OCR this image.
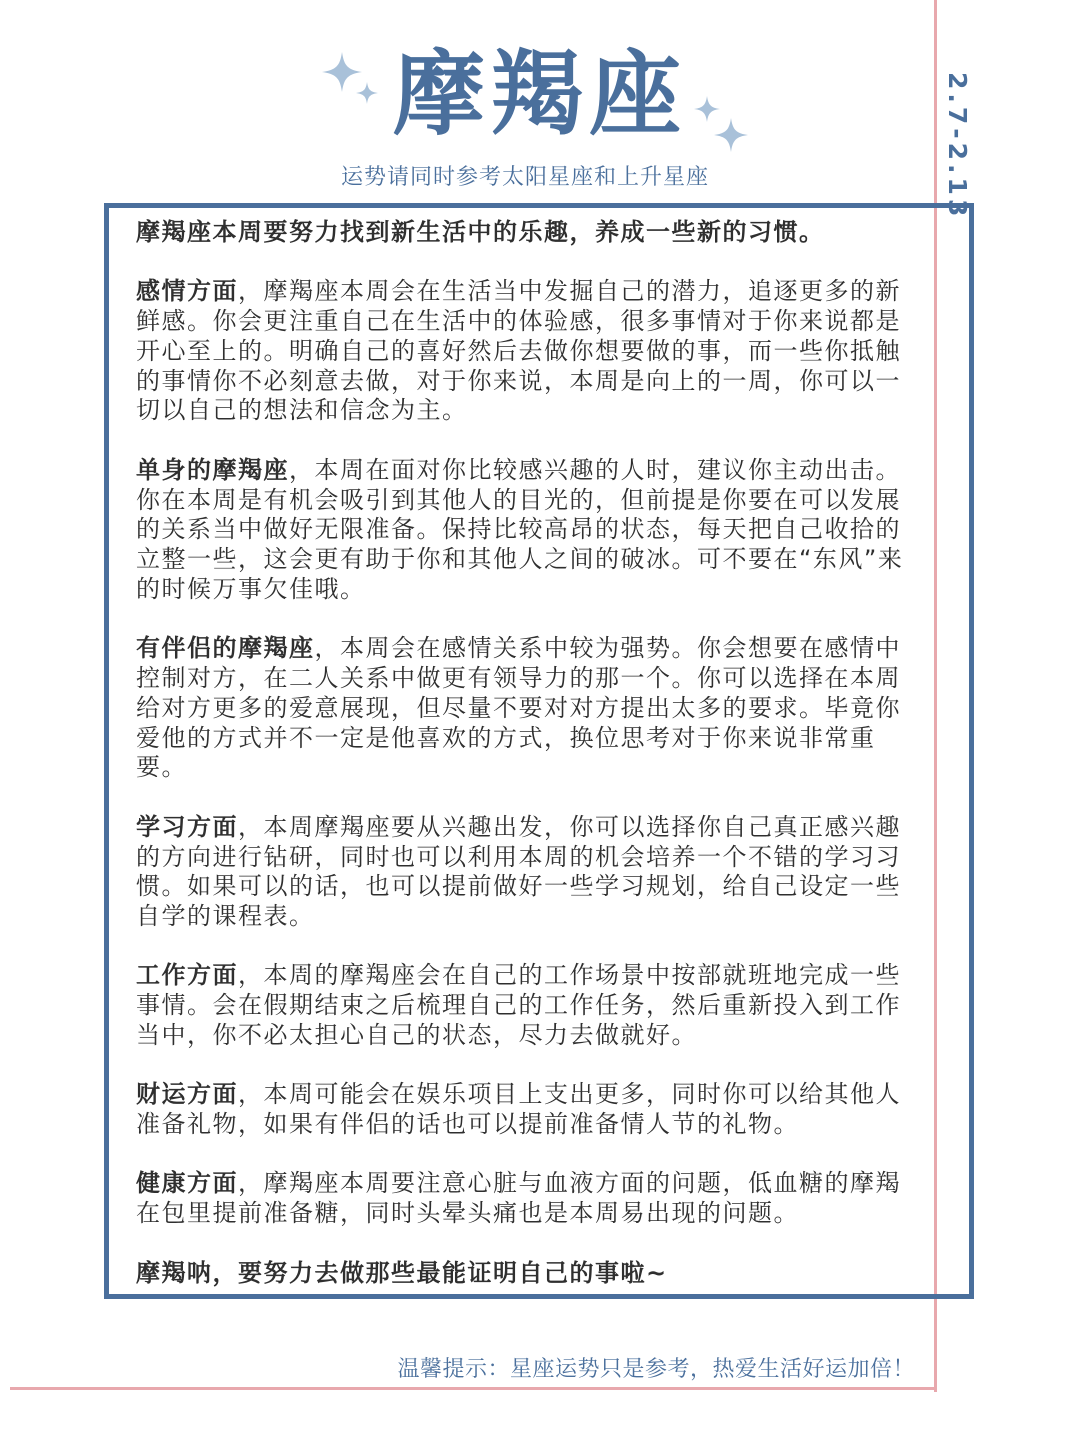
摩羯座
运势请同时参考太阳星座和上升星座	2.7-2.13

摩羯座本周要努力找到新生活中的乐趣，养成一些新的习惯。

感情方面，摩羯座本周会在生活当中发掘自己的潜力，追逐更多的新鲜感。你会更注重自己在生活中的体验感，很多事情对于你来说都是开心至上的。明确自己的喜好然后去做你想要做的事，而一些你抵触的事情你不必刻意去做，对于你来说，本周是向上的一周，你可以一切以自己的想法和信念为主。

单身的摩羯座，本周在面对你比较感兴趣的人时，建议你主动出击。你在本周是有机会吸引到其他人的目光的，但前提是你要在可以发展的关系当中做好无限准备。保持比较高昂的状态，每天把自己收拾的立整一些，这会更有助于你和其他人之间的破冰。可不要在“东风”来的时候万事欠佳哦。

有伴侣的摩羯座，本周会在感情关系中较为强势。你会想要在感情中控制对方，在二人关系中做更有领导力的那一个。你可以选择在本周给对方更多的爱意展现，但尽量不要对对方提出太多的要求。毕竟你爱他的方式并不一定是他喜欢的方式，换位思考对于你来说非常重要。

学习方面，本周摩羯座要从兴趣出发，你可以选择你自己真正感兴趣的方向进行钻研，同时也可以利用本周的机会培养一个不错的学习习惯。如果可以的话，也可以提前做好一些学习规划，给自己设定一些自学的课程表。

工作方面，本周的摩羯座会在自己的工作场景中按部就班地完成一些事情。会在假期结束之后梳理自己的工作任务，然后重新投入到工作当中，你不必太担心自己的状态，尽力去做就好。

财运方面，本周可能会在娱乐项目上支出更多，同时你可以给其他人准备礼物，如果有伴侣的话也可以提前准备情人节的礼物。

健康方面，摩羯座本周要注意心脏与血液方面的问题，低血糖的摩羯在包里提前准备糖，同时头晕头痛也是本周易出现的问题。

摩羯呐，要努力去做那些最能证明自己的事啦~

温馨提示：星座运势只是参考，热爱生活好运加倍！
